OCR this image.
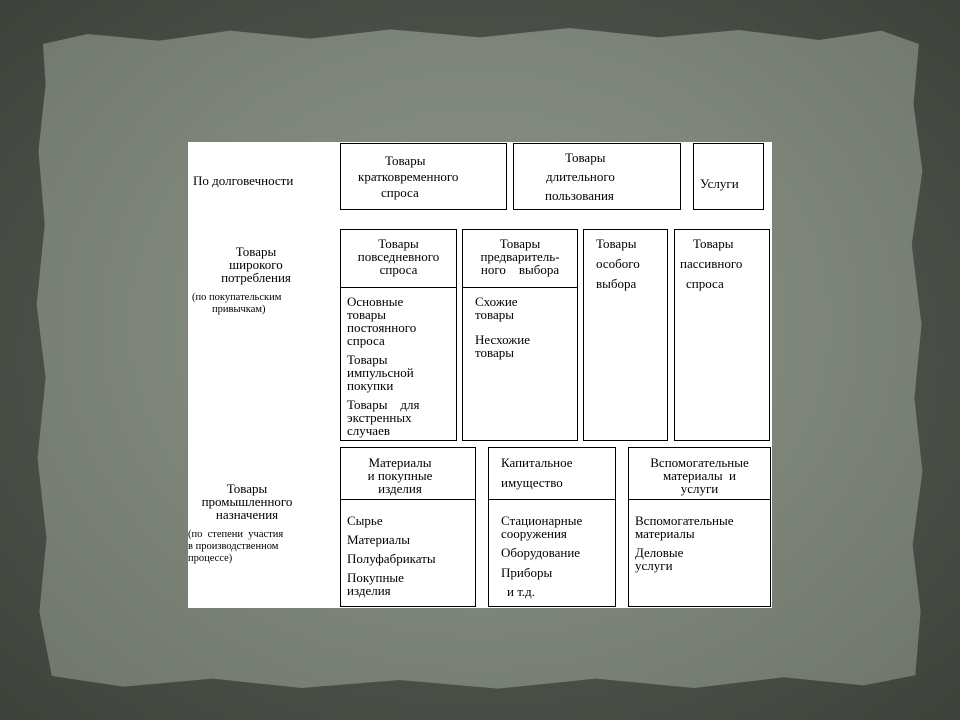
По долговечности
Товары
кратковременного
спроса
Товары
длительного
пользования
Услуги
Товары
широкого
потребления
(по покупательским
привычкам)
Товары
повседневного
спроса
Основные
товары
постоянного
спроса
Товары
импульсной
покупки
Товары    для
экстренных
случаев
Товары
предваритель-
ного    выбора
Схожие
товары
Несхожие
товары
Товары
особого
выбора
Товары
пассивного
спроса
Товары
промышленного
назначения
(по  степени  участия
в производственном
процессе)
Материалы
и покупные
изделия
Сырье
Материалы
Полуфабрикаты
Покупные
изделия
Капитальное
имущество
Стационарные
сооружения
Оборудование
Приборы
и т.д.
Вспомогательные
материалы  и
услуги
Вспомогательные
материалы
Деловые
услуги
